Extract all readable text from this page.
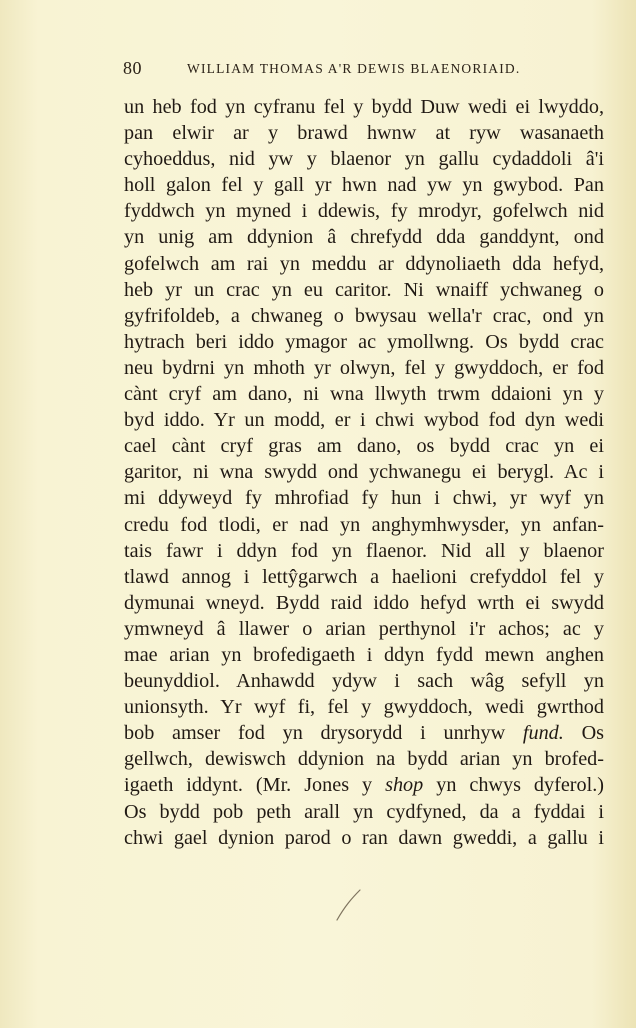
80	WILLIAM THOMAS A'R DEWIS BLAENORIAID.
un heb fod yn cyfranu fel y bydd Duw wedi ei lwyddo,
pan elwir ar y brawd hwnw at ryw wasanaeth
cyhoeddus, nid yw y blaenor yn gallu cydaddoli â'i
holl galon fel y gall yr hwn nad yw yn gwybod. Pan
fyddwch yn myned i ddewis, fy mrodyr, gofelwch nid
yn unig am ddynion â chrefydd dda ganddynt, ond
gofelwch am rai yn meddu ar ddynoliaeth dda hefyd,
heb yr un crac yn eu caritor. Ni wnaiff ychwaneg o
gyfrifoldeb, a chwaneg o bwysau wella'r crac, ond yn
hytrach beri iddo ymagor ac ymollwng. Os bydd crac
neu bydrni yn mhoth yr olwyn, fel y gwyddoch, er fod
cànt cryf am dano, ni wna llwyth trwm ddaioni yn y
byd iddo. Yr un modd, er i chwi wybod fod dyn wedi
cael cànt cryf gras am dano, os bydd crac yn ei
garitor, ni wna swydd ond ychwanegu ei berygl. Ac i
mi ddyweyd fy mhrofiad fy hun i chwi, yr wyf yn
credu fod tlodi, er nad yn anghymhwysder, yn anfan-
tais fawr i ddyn fod yn flaenor. Nid all y blaenor
tlawd annog i lettŷgarwch a haelioni crefyddol fel y
dymunai wneyd. Bydd raid iddo hefyd wrth ei swydd
ymwneyd â llawer o arian perthynol i'r achos; ac y
mae arian yn brofedigaeth i ddyn fydd mewn anghen
beunyddiol. Anhawdd ydyw i sach wâg sefyll yn
unionsyth. Yr wyf fi, fel y gwyddoch, wedi gwrthod
bob amser fod yn drysorydd i unrhyw fund. Os
gellwch, dewiswch ddynion na bydd arian yn brofed-
igaeth iddynt. (Mr. Jones y shop yn chwys dyferol.)
Os bydd pob peth arall yn cydfyned, da a fyddai i
chwi gael dynion parod o ran dawn gweddi, a gallu i
